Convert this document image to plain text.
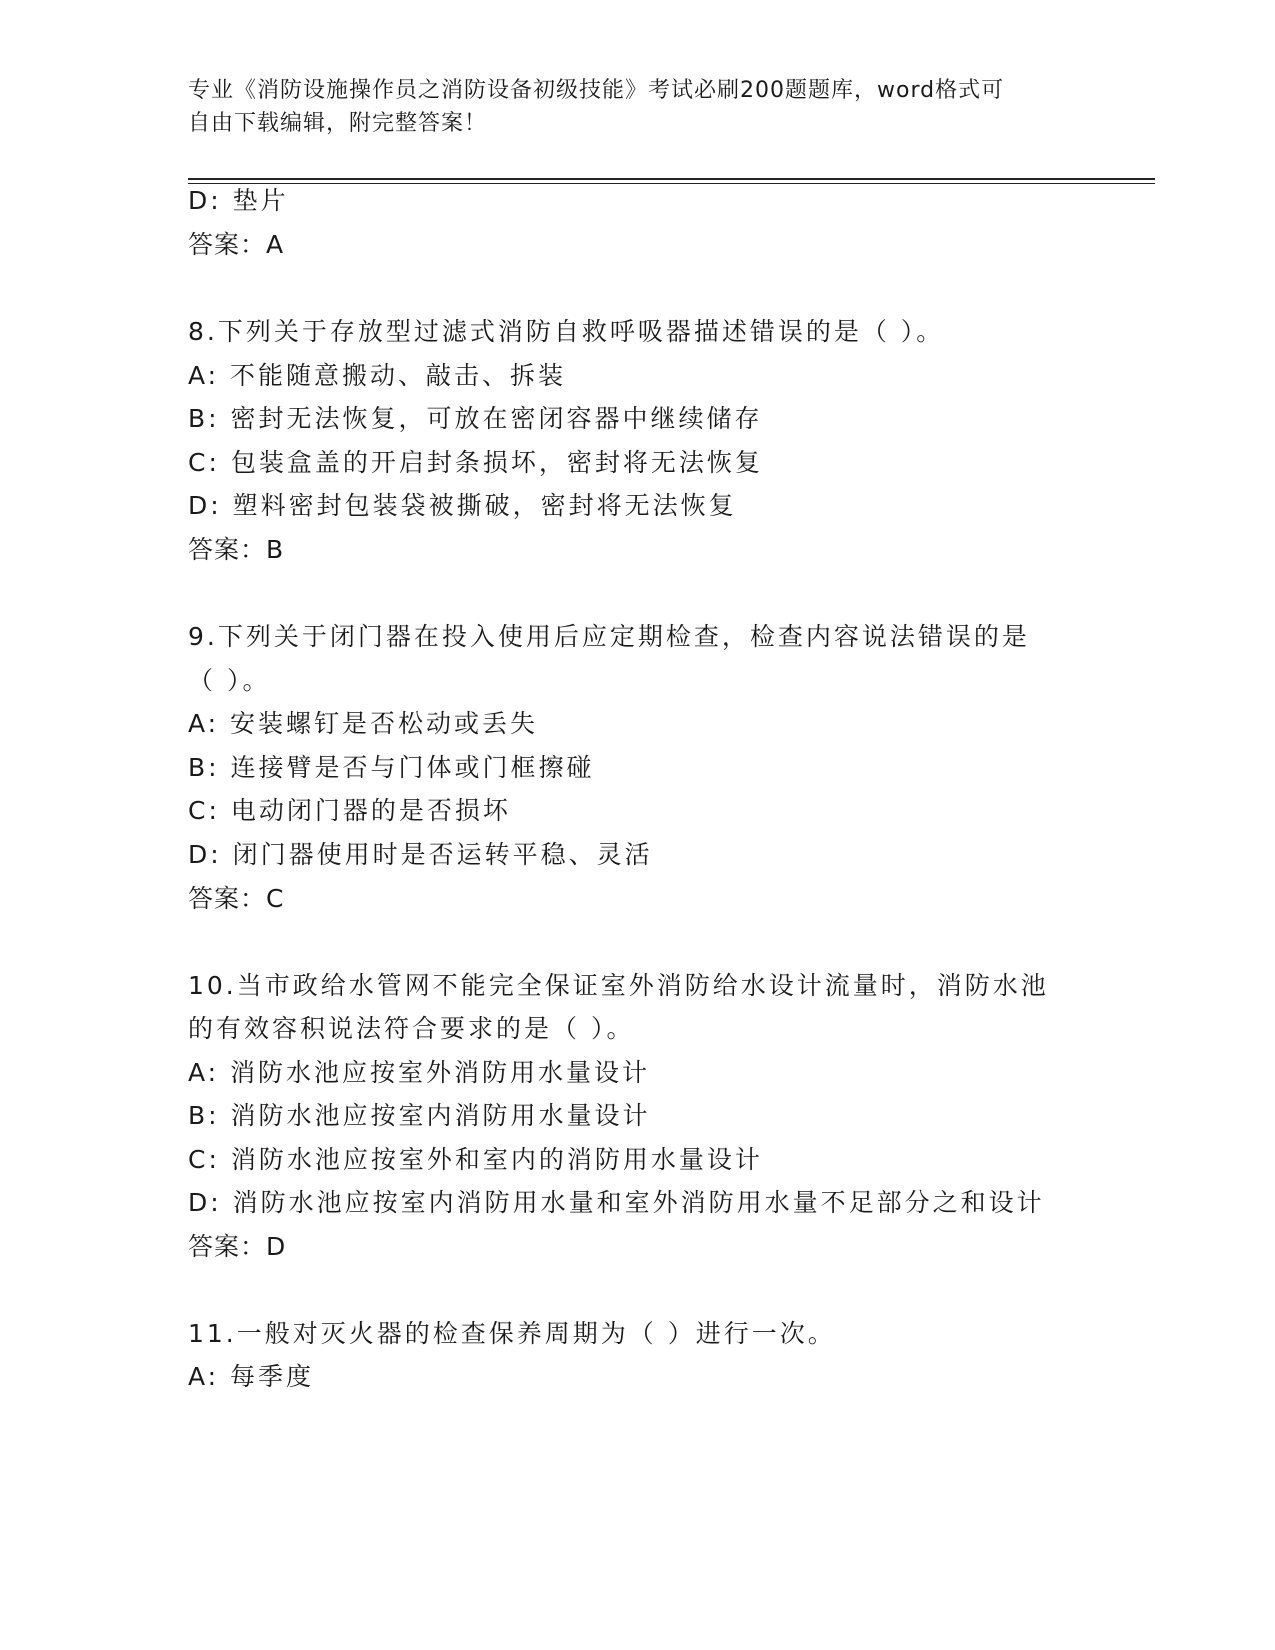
专业《消防设施操作员之消防设备初级技能》考试必刷200题题库，word格式可
自由下载编辑，附完整答案！
D: 垫片
答案：A
8.下列关于存放型过滤式消防自救呼吸器描述错误的是（ ）。
A: 不能随意搬动、敲击、拆装
B: 密封无法恢复，可放在密闭容器中继续储存
C: 包装盒盖的开启封条损坏，密封将无法恢复
D: 塑料密封包装袋被撕破，密封将无法恢复
答案：B
9.下列关于闭门器在投入使用后应定期检查，检查内容说法错误的是
（ ）。
A: 安装螺钉是否松动或丢失
B: 连接臂是否与门体或门框擦碰
C: 电动闭门器的是否损坏
D: 闭门器使用时是否运转平稳、灵活
答案：C
10.当市政给水管网不能完全保证室外消防给水设计流量时，消防水池
的有效容积说法符合要求的是（ ）。
A: 消防水池应按室外消防用水量设计
B: 消防水池应按室内消防用水量设计
C: 消防水池应按室外和室内的消防用水量设计
D: 消防水池应按室内消防用水量和室外消防用水量不足部分之和设计
答案：D
11.一般对灭火器的检查保养周期为（ ）进行一次。
A: 每季度
